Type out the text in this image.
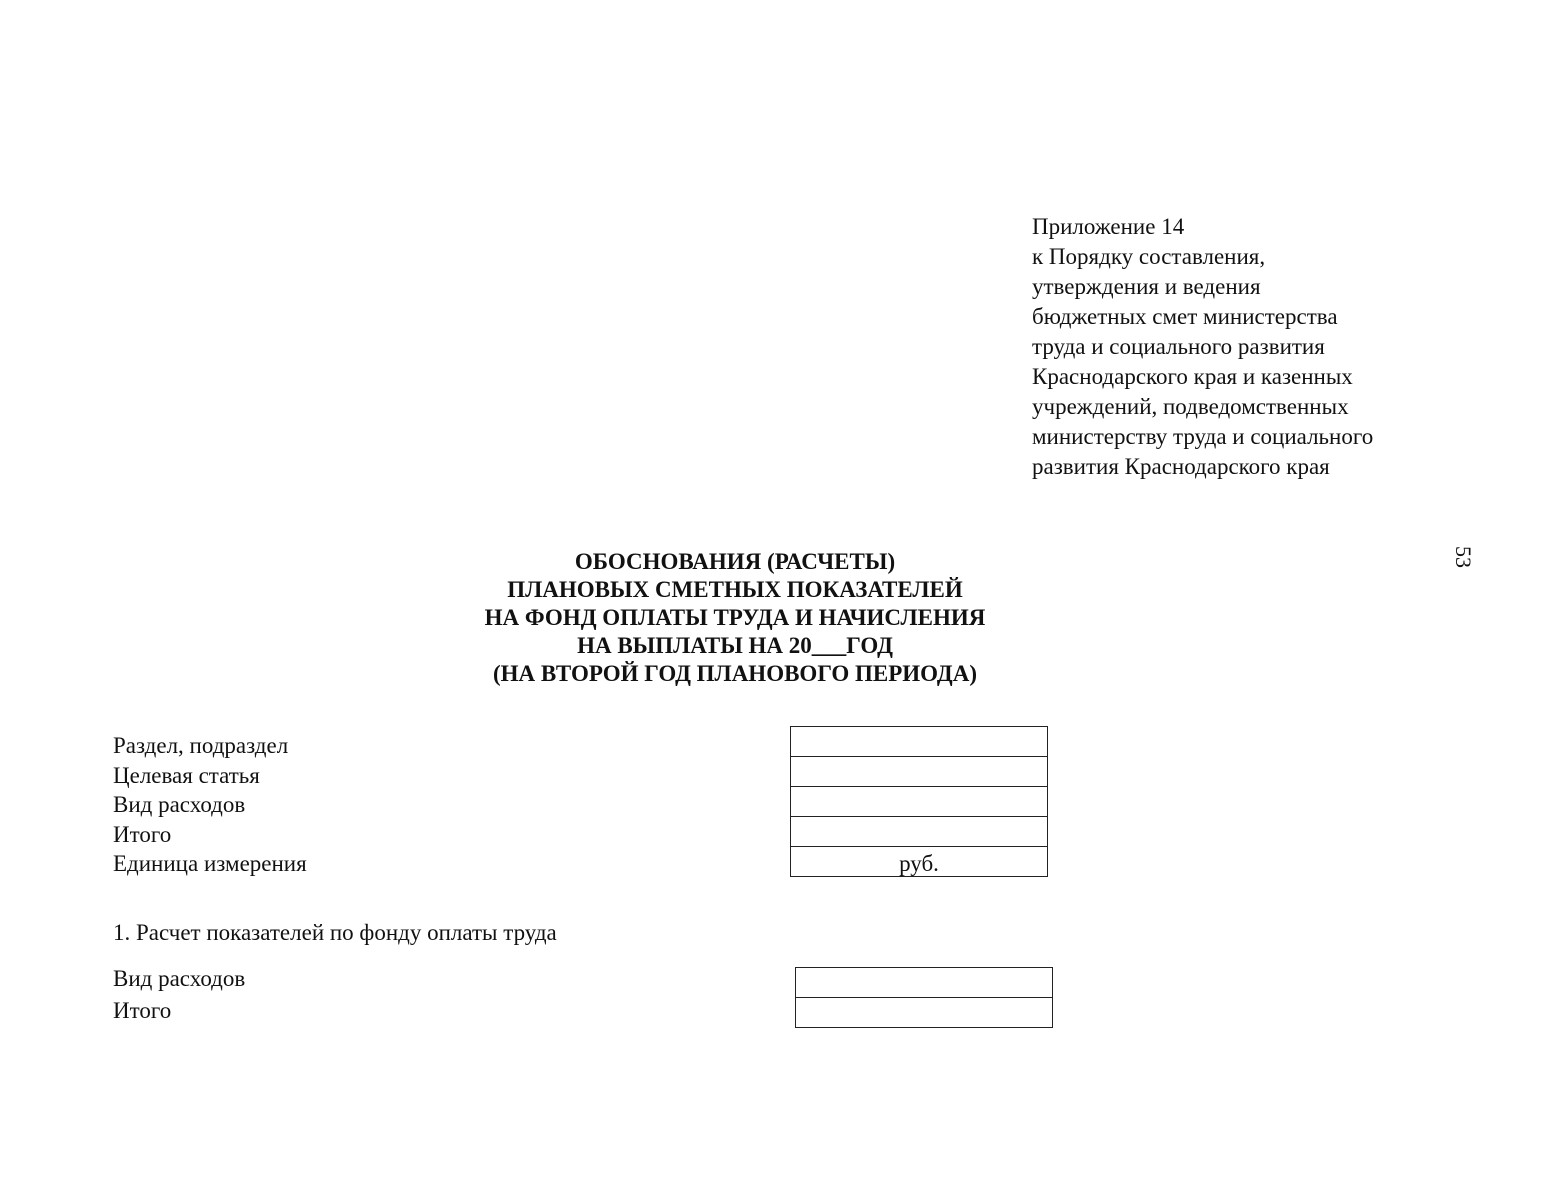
Приложение 14
к Порядку составления,
утверждения и ведения
бюджетных смет министерства
труда и социального развития
Краснодарского края и казенных
учреждений, подведомственных
министерству труда и социального
развития Краснодарского края
53
ОБОСНОВАНИЯ (РАСЧЕТЫ)
ПЛАНОВЫХ СМЕТНЫХ ПОКАЗАТЕЛЕЙ
НА ФОНД ОПЛАТЫ ТРУДА И НАЧИСЛЕНИЯ
НА ВЫПЛАТЫ НА 20___ГОД
(НА ВТОРОЙ ГОД ПЛАНОВОГО ПЕРИОДА)
Раздел, подраздел
Целевая статья
Вид расходов
Итого
Единица измерения	руб.
1. Расчет показателей по фонду оплаты труда
Вид расходов
Итого
